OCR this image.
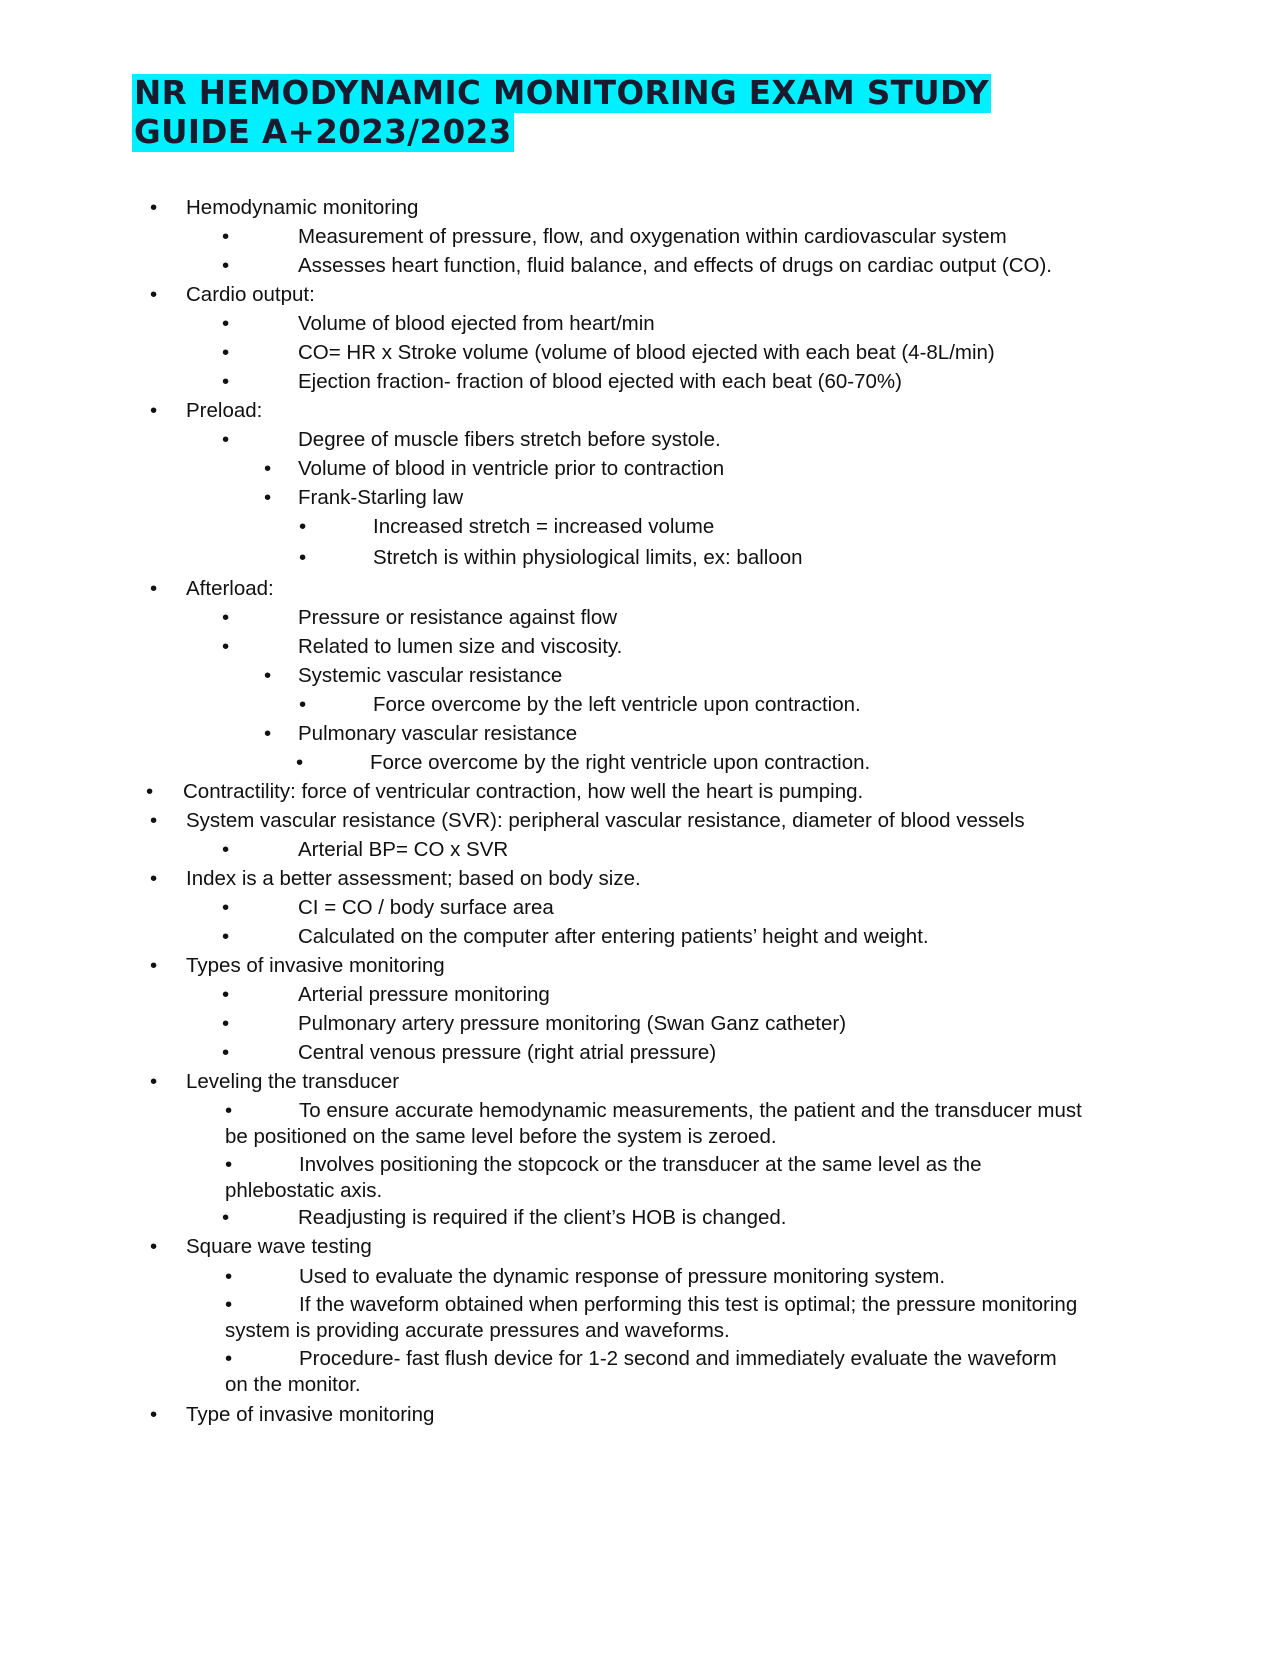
NR HEMODYNAMIC MONITORING EXAM STUDY
GUIDE A+2023/2023
• Hemodynamic monitoring
•	Measurement of pressure, flow, and oxygenation within cardiovascular system
•	Assesses heart function, fluid balance, and effects of drugs on cardiac output (CO).
• Cardio output:
•	Volume of blood ejected from heart/min
•	CO= HR x Stroke volume (volume of blood ejected with each beat (4-8L/min)
•	Ejection fraction- fraction of blood ejected with each beat (60-70%)
• Preload:
•	Degree of muscle fibers stretch before systole.
• Volume of blood in ventricle prior to contraction
• Frank-Starling law
•	Increased stretch = increased volume
•	Stretch is within physiological limits, ex: balloon
• Afterload:
•	Pressure or resistance against flow
•	Related to lumen size and viscosity.
• Systemic vascular resistance
•	Force overcome by the left ventricle upon contraction.
• Pulmonary vascular resistance
•	Force overcome by the right ventricle upon contraction.
• Contractility: force of ventricular contraction, how well the heart is pumping.
• System vascular resistance (SVR): peripheral vascular resistance, diameter of blood vessels
•	Arterial BP= CO x SVR
• Index is a better assessment; based on body size.
•	CI = CO / body surface area
•	Calculated on the computer after entering patients’ height and weight.
• Types of invasive monitoring
•	Arterial pressure monitoring
•	Pulmonary artery pressure monitoring (Swan Ganz catheter)
•	Central venous pressure (right atrial pressure)
• Leveling the transducer
•	To ensure accurate hemodynamic measurements, the patient and the transducer must be positioned on the same level before the system is zeroed.
•	Involves positioning the stopcock or the transducer at the same level as the phlebostatic axis.
•	Readjusting is required if the client’s HOB is changed.
• Square wave testing
•	Used to evaluate the dynamic response of pressure monitoring system.
•	If the waveform obtained when performing this test is optimal; the pressure monitoring system is providing accurate pressures and waveforms.
•	Procedure- fast flush device for 1-2 second and immediately evaluate the waveform on the monitor.
• Type of invasive monitoring
